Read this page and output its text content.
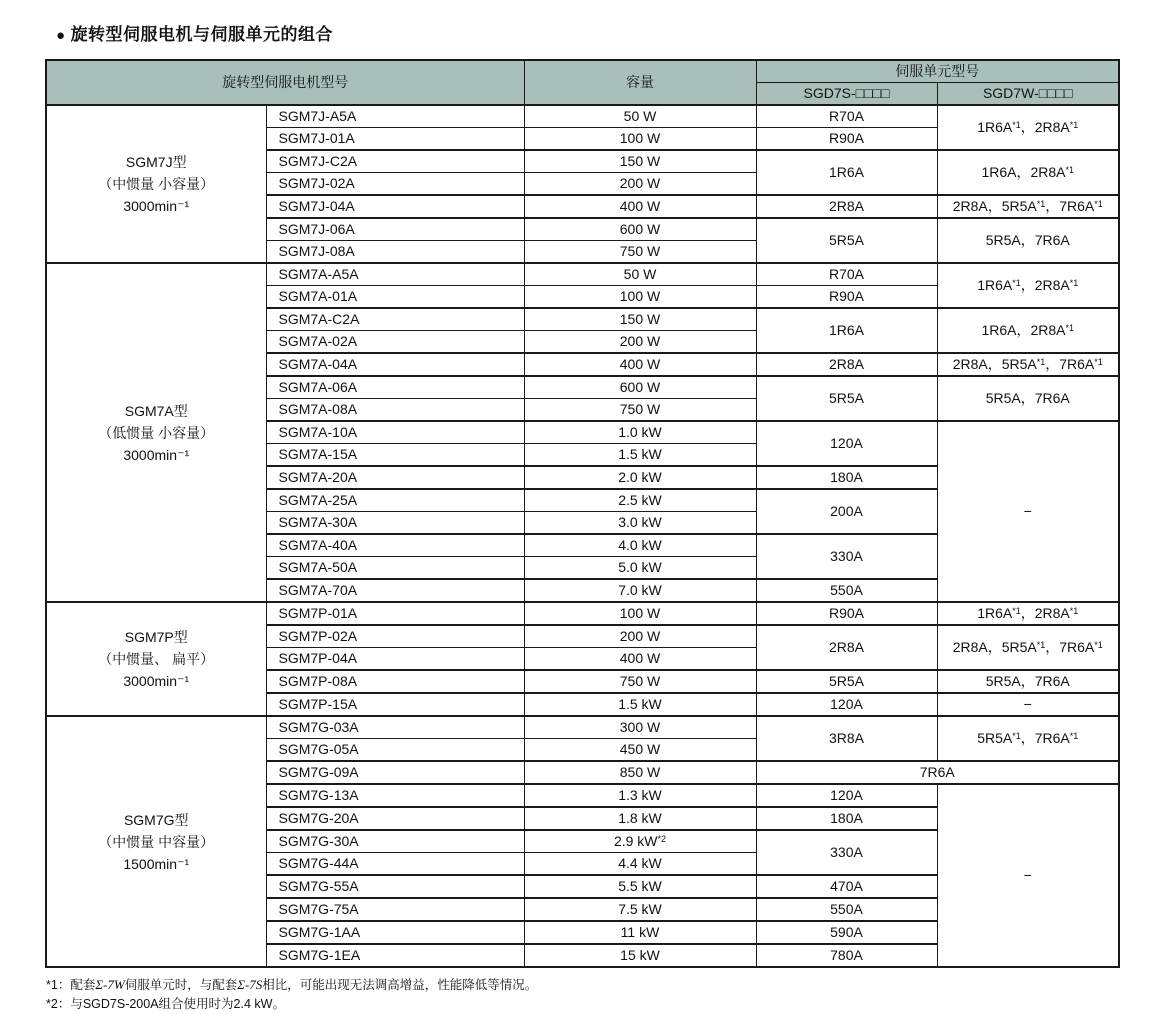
● 旋转型伺服电机与伺服单元的组合
旋转型伺服电机型号		容量	伺服单元型号	
			SGD7S-□□□□	SGD7W-□□□□

SGM7J型
（中惯量 小容量）
3000min⁻¹	SGM7J-A5A	50 W	R70A	$1R6A^{*1}$，$2R8A^{*1}$
	SGM7J-01A	100 W	R90A	
	SGM7J-C2A	150 W	1R6A	1R6A，$2R8A^{*1}$
	SGM7J-02A	200 W		
	SGM7J-04A	400 W	2R8A	2R8A，$5R5A^{*1}$，$7R6A^{*1}$
	SGM7J-06A	600 W	5R5A	5R5A，7R6A
	SGM7J-08A	750 W		

SGM7A型
（低惯量 小容量）
3000min⁻¹	SGM7A-A5A	50 W	R70A	$1R6A^{*1}$，$2R8A^{*1}$
	SGM7A-01A	100 W	R90A	
	SGM7A-C2A	150 W	1R6A	1R6A，$2R8A^{*1}$
	SGM7A-02A	200 W		
	SGM7A-04A	400 W	2R8A	2R8A，$5R5A^{*1}$，$7R6A^{*1}$
	SGM7A-06A	600 W	5R5A	5R5A，7R6A
	SGM7A-08A	750 W		
	SGM7A-10A	1.0 kW	120A	−
	SGM7A-15A	1.5 kW		
	SGM7A-20A	2.0 kW	180A	
	SGM7A-25A	2.5 kW	200A	
	SGM7A-30A	3.0 kW		
	SGM7A-40A	4.0 kW	330A	
	SGM7A-50A	5.0 kW		
	SGM7A-70A	7.0 kW	550A	

SGM7P型
（中惯量、 扁平）
3000min⁻¹	SGM7P-01A	100 W	R90A	$1R6A^{*1}$，$2R8A^{*1}$
	SGM7P-02A	200 W	2R8A	2R8A，$5R5A^{*1}$，$7R6A^{*1}$
	SGM7P-04A	400 W		
	SGM7P-08A	750 W	5R5A	5R5A，7R6A
	SGM7P-15A	1.5 kW	120A	−

SGM7G型
（中惯量 中容量）
1500min⁻¹	SGM7G-03A	300 W	3R8A	$5R5A^{*1}$，$7R6A^{*1}$
	SGM7G-05A	450 W		
	SGM7G-09A	850 W	7R6A	
	SGM7G-13A	1.3 kW	120A	−
	SGM7G-20A	1.8 kW	180A	
	SGM7G-30A	2.9 $kW^{*2}$	330A	
	SGM7G-44A	4.4 kW		
	SGM7G-55A	5.5 kW	470A	
	SGM7G-75A	7.5 kW	550A	
	SGM7G-1AA	11 kW	590A	
	SGM7G-1EA	15 kW	780A	
*1：配套Σ-7W伺服单元时，与配套Σ-7S相比，可能出现无法调高增益，性能降低等情况。
*2：与SGD7S-200A组合使用时为2.4 kW。
